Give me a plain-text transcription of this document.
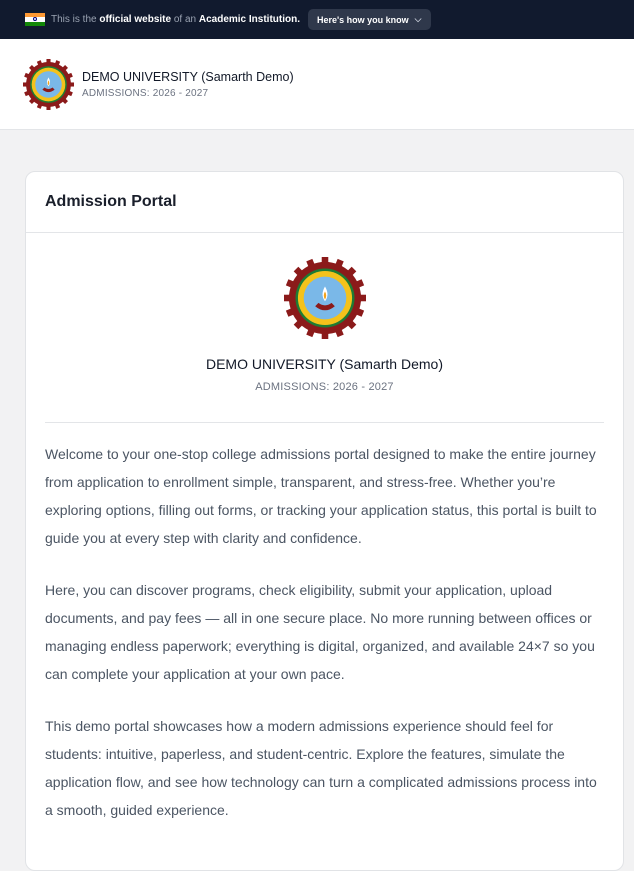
This is the official website of an Academic Institution. Here's how you know ⌵
DEMO UNIVERSITY (Samarth Demo)
ADMISSIONS: 2026 - 2027
Admission Portal
DEMO UNIVERSITY (Samarth Demo)
ADMISSIONS: 2026 - 2027

Welcome to your one-stop college admissions portal designed to make the entire journey from application to enrollment simple, transparent, and stress-free. Whether you’re exploring options, filling out forms, or tracking your application status, this portal is built to guide you at every step with clarity and confidence.

Here, you can discover programs, check eligibility, submit your application, upload documents, and pay fees — all in one secure place. No more running between offices or managing endless paperwork; everything is digital, organized, and available 24×7 so you can complete your application at your own pace.

This demo portal showcases how a modern admissions experience should feel for students: intuitive, paperless, and student-centric. Explore the features, simulate the application flow, and see how technology can turn a complicated admissions process into a smooth, guided experience.
